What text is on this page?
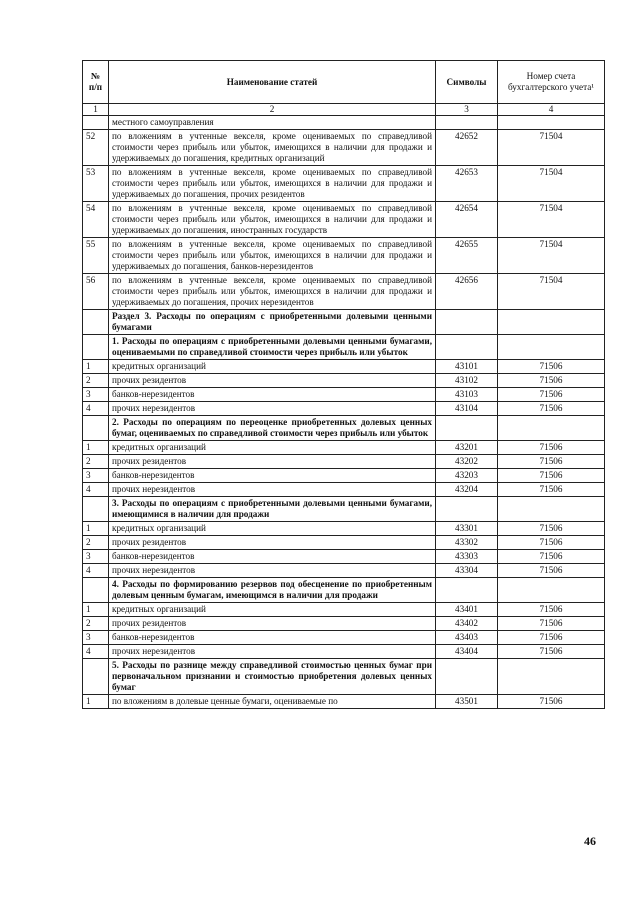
№ п/п	Наименование статей	Символы	Номер счета бухгалтерского учета¹
1	2	3	4
	местного самоуправления		
52	по вложениям в учтенные векселя, кроме оцениваемых по справедливой стоимости через прибыль или убыток, имеющихся в наличии для продажи и удерживаемых до погашения, кредитных организаций	42652	71504
53	по вложениям в учтенные векселя, кроме оцениваемых по справедливой стоимости через прибыль или убыток, имеющихся в наличии для продажи и удерживаемых до погашения, прочих резидентов	42653	71504
54	по вложениям в учтенные векселя, кроме оцениваемых по справедливой стоимости через прибыль или убыток, имеющихся в наличии для продажи и удерживаемых до погашения, иностранных государств	42654	71504
55	по вложениям в учтенные векселя, кроме оцениваемых по справедливой стоимости через прибыль или убыток, имеющихся в наличии для продажи и удерживаемых до погашения, банков-нерезидентов	42655	71504
56	по вложениям в учтенные векселя, кроме оцениваемых по справедливой стоимости через прибыль или убыток, имеющихся в наличии для продажи и удерживаемых до погашения, прочих нерезидентов	42656	71504
	Раздел 3. Расходы по операциям с приобретенными долевыми ценными бумагами		
	1. Расходы по операциям с приобретенными долевыми ценными бумагами, оцениваемыми по справедливой стоимости через прибыль или убыток		
1	кредитных организаций	43101	71506
2	прочих резидентов	43102	71506
3	банков-нерезидентов	43103	71506
4	прочих нерезидентов	43104	71506
	2. Расходы по операциям по переоценке приобретенных долевых ценных бумаг, оцениваемых по справедливой стоимости через прибыль или убыток		
1	кредитных организаций	43201	71506
2	прочих резидентов	43202	71506
3	банков-нерезидентов	43203	71506
4	прочих нерезидентов	43204	71506
	3. Расходы по операциям с приобретенными долевыми ценными бумагами, имеющимися в наличии для продажи		
1	кредитных организаций	43301	71506
2	прочих резидентов	43302	71506
3	банков-нерезидентов	43303	71506
4	прочих нерезидентов	43304	71506
	4. Расходы по формированию резервов под обесценение по приобретенным долевым ценным бумагам, имеющимся в наличии для продажи		
1	кредитных организаций	43401	71506
2	прочих резидентов	43402	71506
3	банков-нерезидентов	43403	71506
4	прочих нерезидентов	43404	71506
	5. Расходы по разнице между справедливой стоимостью ценных бумаг при первоначальном признании и стоимостью приобретения долевых ценных бумаг		
1	по вложениям в долевые ценные бумаги, оцениваемые по	43501	71506
46
